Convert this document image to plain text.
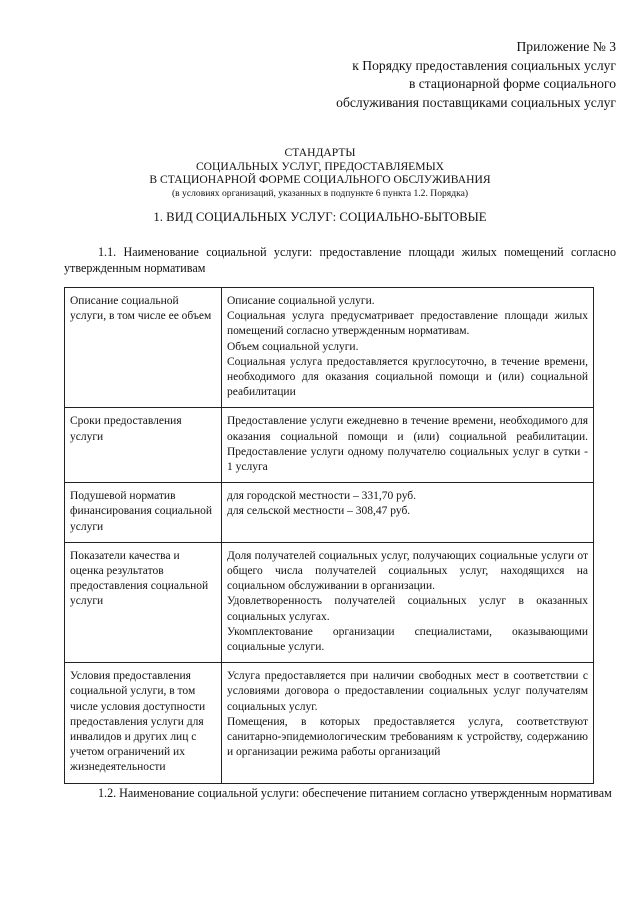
Приложение № 3
к Порядку предоставления социальных услуг
в стационарной форме социального
обслуживания поставщиками социальных услуг
СТАНДАРТЫ
СОЦИАЛЬНЫХ УСЛУГ, ПРЕДОСТАВЛЯЕМЫХ
В СТАЦИОНАРНОЙ ФОРМЕ СОЦИАЛЬНОГО ОБСЛУЖИВАНИЯ
(в условиях организаций, указанных в подпункте 6 пункта 1.2. Порядка)
1. ВИД СОЦИАЛЬНЫХ УСЛУГ: СОЦИАЛЬНО-БЫТОВЫЕ
1.1. Наименование социальной услуги: предоставление площади жилых помещений согласно утвержденным нормативам
Описание социальной услуги, в том числе ее объем	Описание социальной услуги.
Социальная услуга предусматривает предоставление площади жилых помещений согласно утвержденным нормативам.
Объем социальной услуги.
Социальная услуга предоставляется круглосуточно, в течение времени, необходимого для оказания социальной помощи и (или) социальной реабилитации

Сроки предоставления услуги	Предоставление услуги ежедневно в течение времени, необходимого для оказания социальной помощи и (или) социальной реабилитации. Предоставление услуги одному получателю социальных услуг в сутки - 1 услуга

Подушевой норматив финансирования социальной услуги	для городской местности – 331,70 руб.
для сельской местности – 308,47 руб.

Показатели качества и оценка результатов предоставления социальной услуги	Доля получателей социальных услуг, получающих социальные услуги от общего числа получателей социальных услуг, находящихся на социальном обслуживании в организации.
Удовлетворенность получателей социальных услуг в оказанных социальных услугах.
Укомплектование организации специалистами, оказывающими социальные услуги.

Условия предоставления социальной услуги, в том числе условия доступности предоставления услуги для инвалидов и других лиц с учетом ограничений их жизнедеятельности	Услуга предоставляется при наличии свободных мест в соответствии с условиями договора о предоставлении социальных услуг получателям социальных услуг.
Помещения, в которых предоставляется услуга, соответствуют санитарно-эпидемиологическим требованиям к устройству, содержанию и организации режима работы организаций
1.2. Наименование социальной услуги: обеспечение питанием согласно утвержденным нормативам
